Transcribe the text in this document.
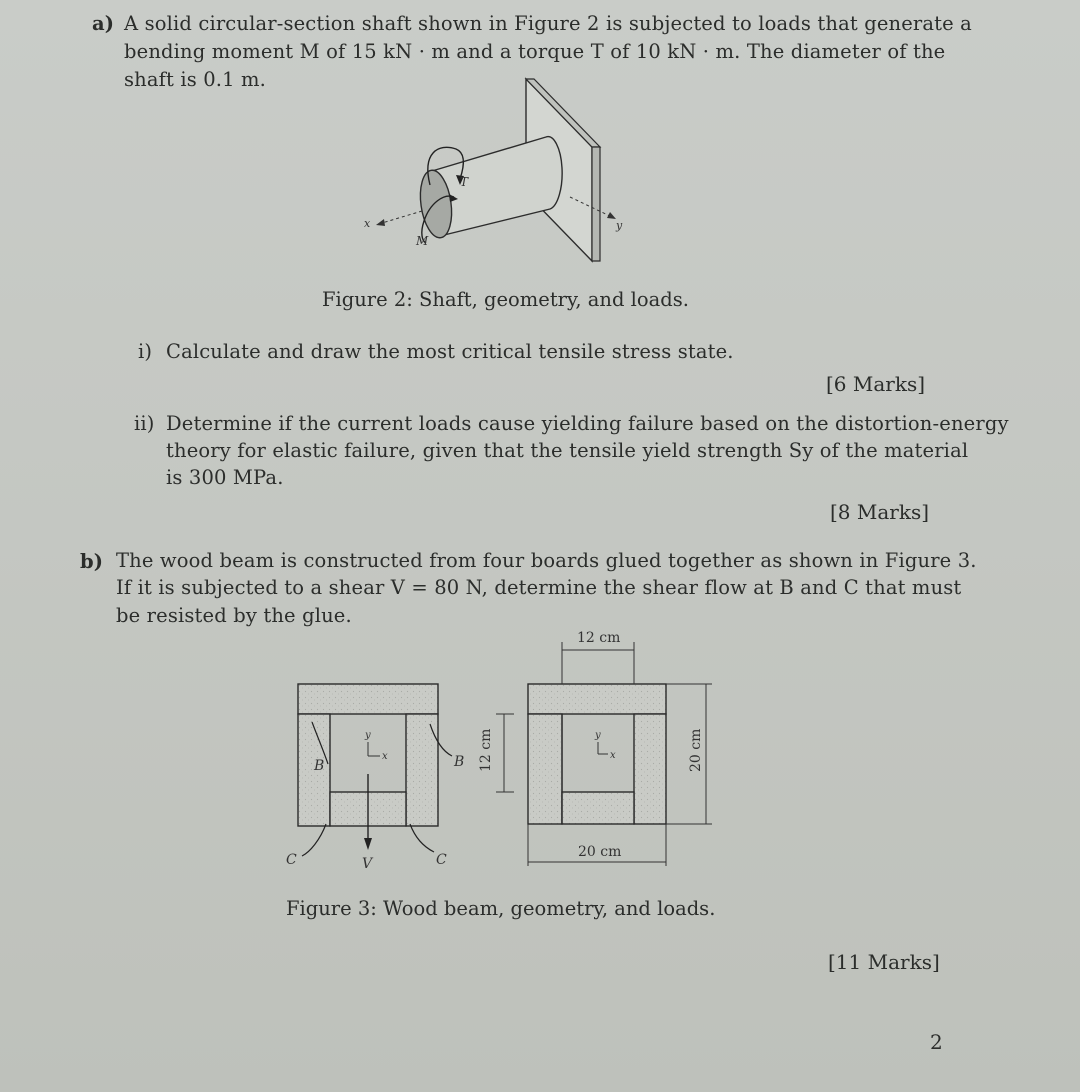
a) A solid circular-section shaft shown in Figure 2 is subjected to loads that generate a
bending moment M of 15 kN · m and a torque T of 10 kN · m. The diameter of the
shaft is 0.1 m.
y
x
T
M
Figure 2: Shaft, geometry, and loads.
i) Calculate and draw the most critical tensile stress state.
[6 Marks]
ii) Determine if the current loads cause yielding failure based on the distortion-energy
theory for elastic failure, given that the tensile yield strength Sy of the material
is 300 MPa.
[8 Marks]
b) The wood beam is constructed from four boards glued together as shown in Figure 3.
If it is subjected to a shear V = 80 N, determine the shear flow at B and C that must
be resisted by the glue.
y
x
B	B
C	C
V
12 cm	y
x
12 cm
20 cm
20 cm
Figure 3: Wood beam, geometry, and loads.
[11 Marks]
2
